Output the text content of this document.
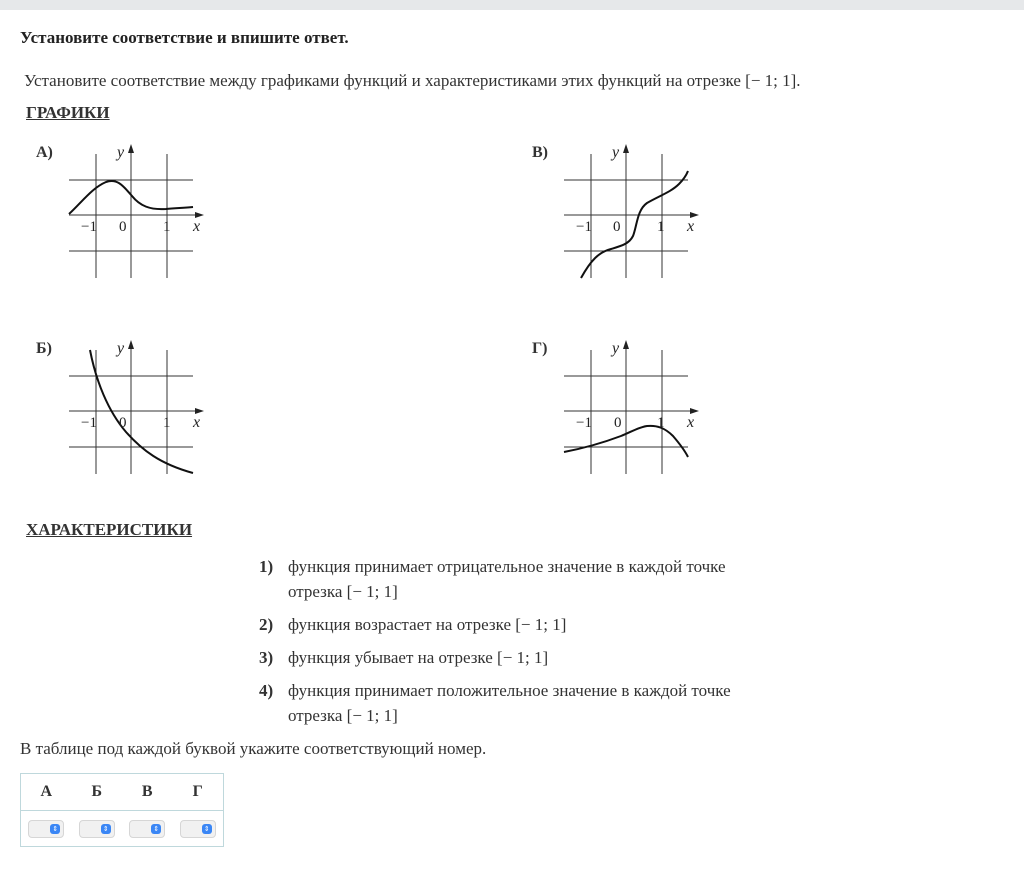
Установите соответствие и впишите ответ.
Установите соответствие между графиками функций и характеристиками этих функций на отрезке [− 1; 1].
ГРАФИКИ
А)	y
−1 0 1 x
В)	y
−1 0 1 x
Б)	y
−1 0 1 x
Г)	y
−1 0 1 x
ХАРАКТЕРИСТИКИ
1) функция принимает отрицательное значение в каждой точке
отрезка [− 1; 1]
2) функция возрастает на отрезке [− 1; 1]
3) функция убывает на отрезке [− 1; 1]
4) функция принимает положительное значение в каждой точке
отрезка [− 1; 1]
В таблице под каждой буквой укажите соответствующий номер.
А	Б	В	Г
⇕	⇕	⇕	⇕
